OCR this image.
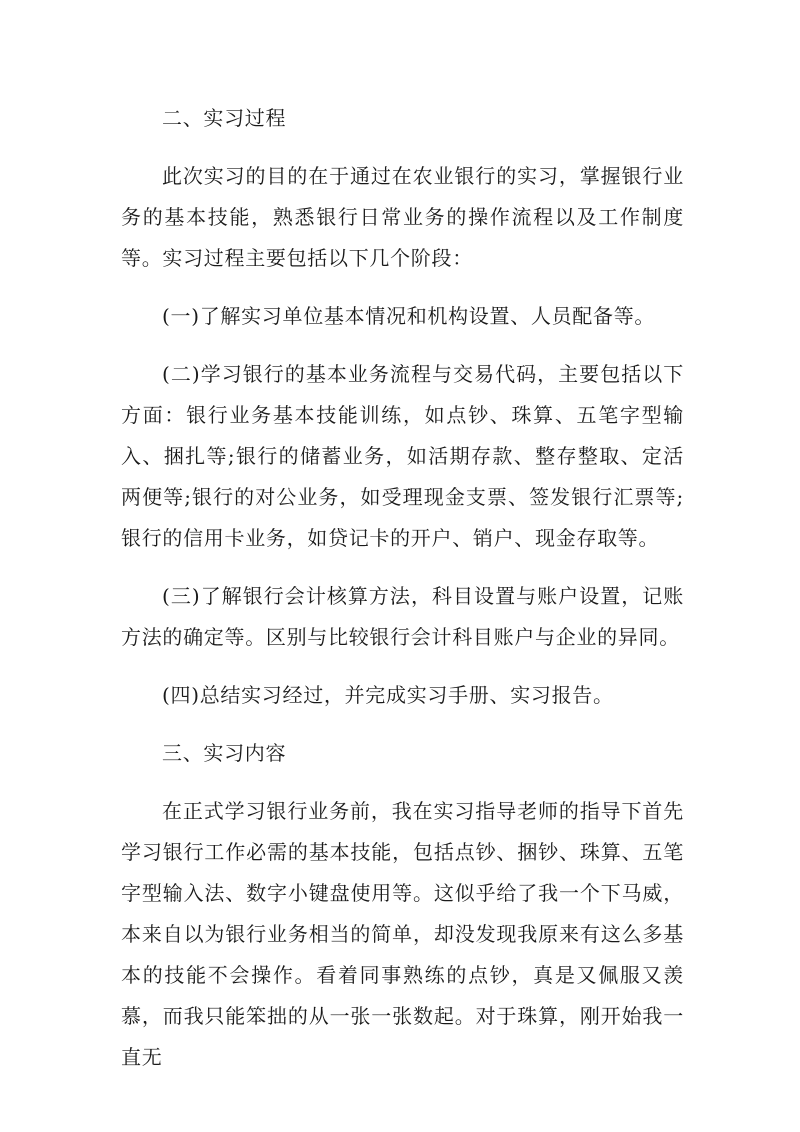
二、实习过程

此次实习的目的在于通过在农业银行的实习，掌握银行业务的基本技能，熟悉银行日常业务的操作流程以及工作制度等。实习过程主要包括以下几个阶段：

(一)了解实习单位基本情况和机构设置、人员配备等。

(二)学习银行的基本业务流程与交易代码，主要包括以下方面：银行业务基本技能训练，如点钞、珠算、五笔字型输入、捆扎等;银行的储蓄业务，如活期存款、整存整取、定活两便等;银行的对公业务，如受理现金支票、签发银行汇票等;银行的信用卡业务，如贷记卡的开户、销户、现金存取等。

(三)了解银行会计核算方法，科目设置与账户设置，记账方法的确定等。区别与比较银行会计科目账户与企业的异同。

(四)总结实习经过，并完成实习手册、实习报告。

三、实习内容

在正式学习银行业务前，我在实习指导老师的指导下首先学习银行工作必需的基本技能，包括点钞、捆钞、珠算、五笔字型输入法、数字小键盘使用等。这似乎给了我一个下马威，本来自以为银行业务相当的简单，却没发现我原来有这么多基本的技能不会操作。看着同事熟练的点钞，真是又佩服又羡慕，而我只能笨拙的从一张一张数起。对于珠算，刚开始我一直无
